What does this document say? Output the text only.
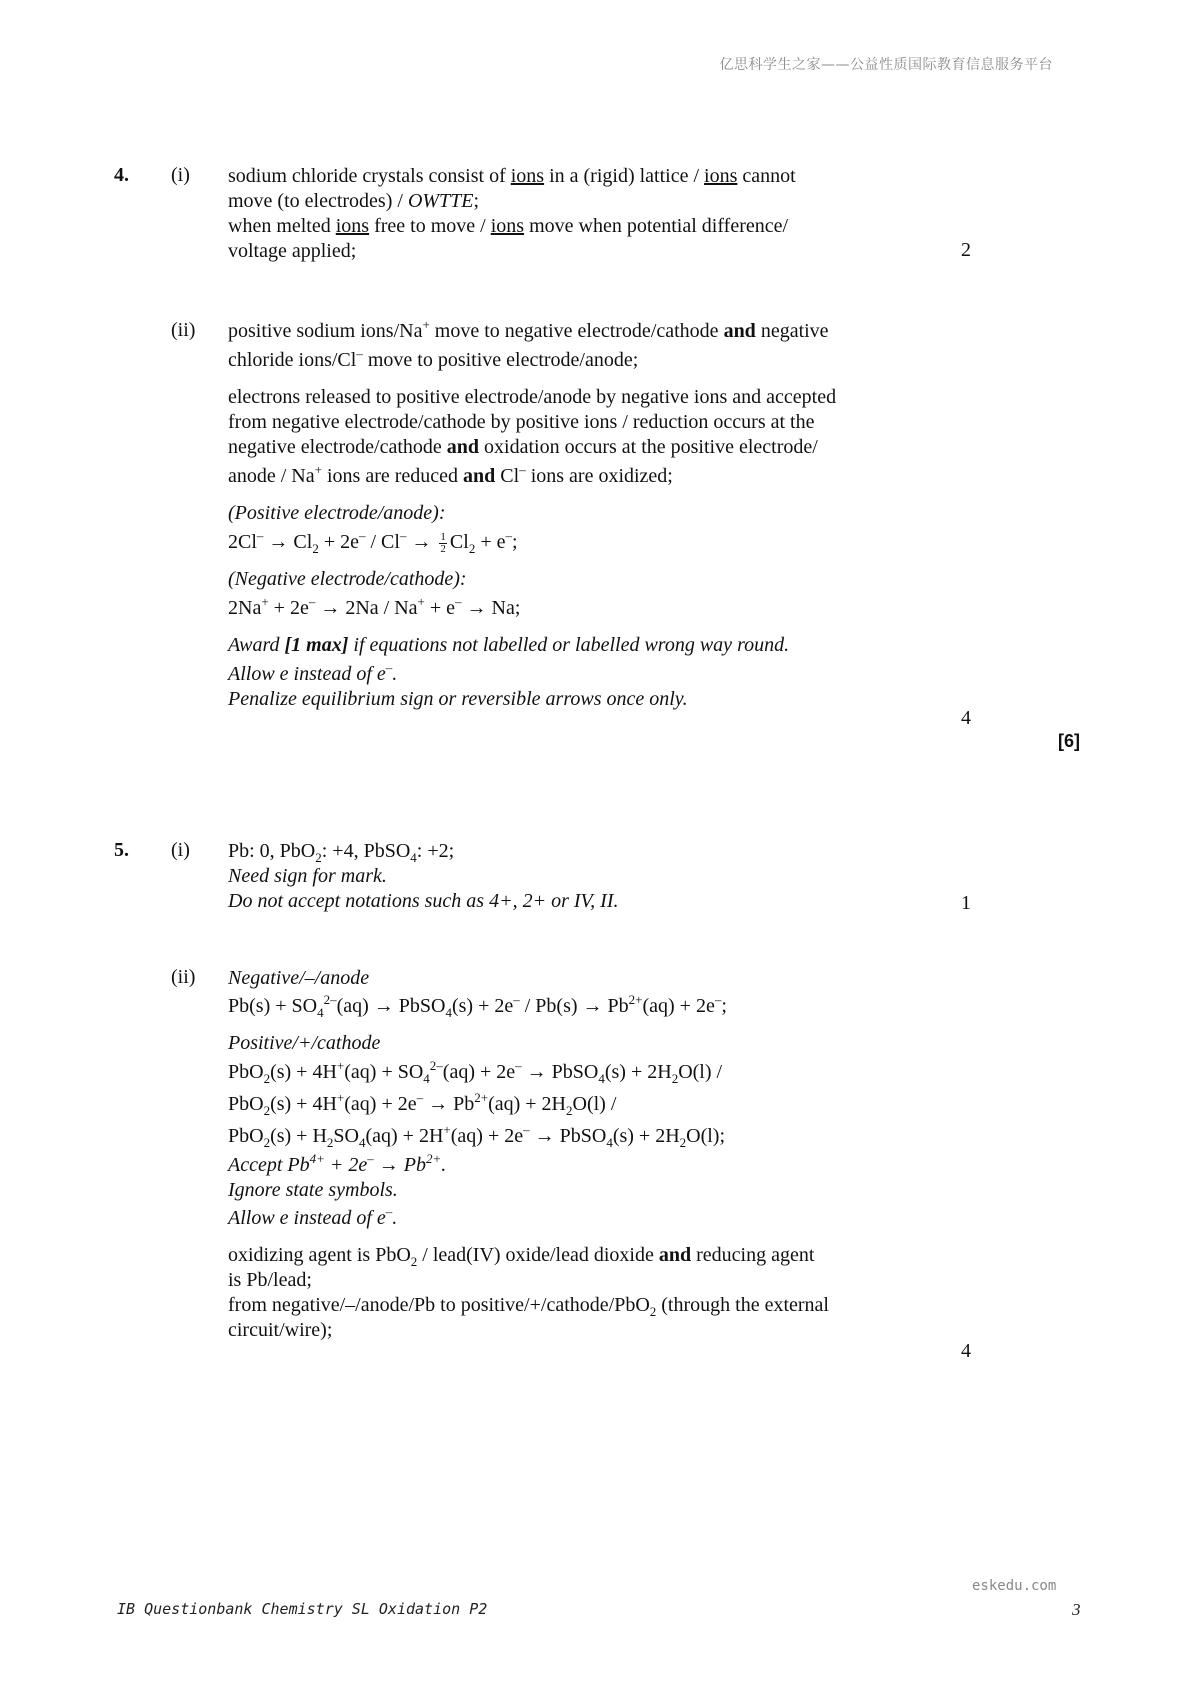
亿思科学生之家——公益性质国际教育信息服务平台
4. (i) sodium chloride crystals consist of ions in a (rigid) lattice / ions cannot
move (to electrodes) / OWTTE;
when melted ions free to move / ions move when potential difference/
voltage applied;	2
(ii) positive sodium ions/Na+ move to negative electrode/cathode and negative
chloride ions/Cl– move to positive electrode/anode;
electrons released to positive electrode/anode by negative ions and accepted
from negative electrode/cathode by positive ions / reduction occurs at the
negative electrode/cathode and oxidation occurs at the positive electrode/
anode / Na+ ions are reduced and Cl– ions are oxidized;
(Positive electrode/anode):
$2Cl^- \to Cl_2 + 2e^- / Cl^- \to \frac{1}{2} Cl_2 + e^-$;
(Negative electrode/cathode):
2Na+ + 2e– → 2Na / Na+ + e– → Na;
Award [1 max] if equations not labelled or labelled wrong way round.
Allow e instead of e–.
Penalize equilibrium sign or reversible arrows once only.
4
[6]
5. (i) Pb: 0, PbO$_2$: +4, PbSO$_4$: +2;
Need sign for mark.
Do not accept notations such as 4+, 2+ or IV, II.	1
(ii) Negative/–/anode
$Pb(s) + SO_4^{2-}(aq)$ → PbSO$_4$(s) + $2e^- / Pb(s) \to Pb^{2+}(aq) + 2e^-$;
Positive/+/cathode
$PbO_2(s) + 4H^+(aq) + SO_4^{2-}(aq) + 2e^-$ → PbSO$_4$(s) + $2H_2O(l)$ /
$PbO_2(s) + 4H^+(aq) + 2e^- \to Pb^{2+}(aq) + 2H_2O(l)$ /
$PbO_2(s) + H_2SO_4(aq) + 2H^+(aq) + 2e^-$ → PbSO$_4$(s) + $2H_2O(l)$;
Accept $Pb^{4+} + 2e^- \to Pb^{2+}$.
Ignore state symbols.
Allow e instead of e–.
oxidizing agent is PbO$_2$ / lead(IV) oxide/lead dioxide and reducing agent
is Pb/lead;
from negative/–/anode/Pb to positive/+/cathode/PbO$_2$ (through the external
circuit/wire);
4
eskedu.com
IB Questionbank Chemistry SL Oxidation P2	3
